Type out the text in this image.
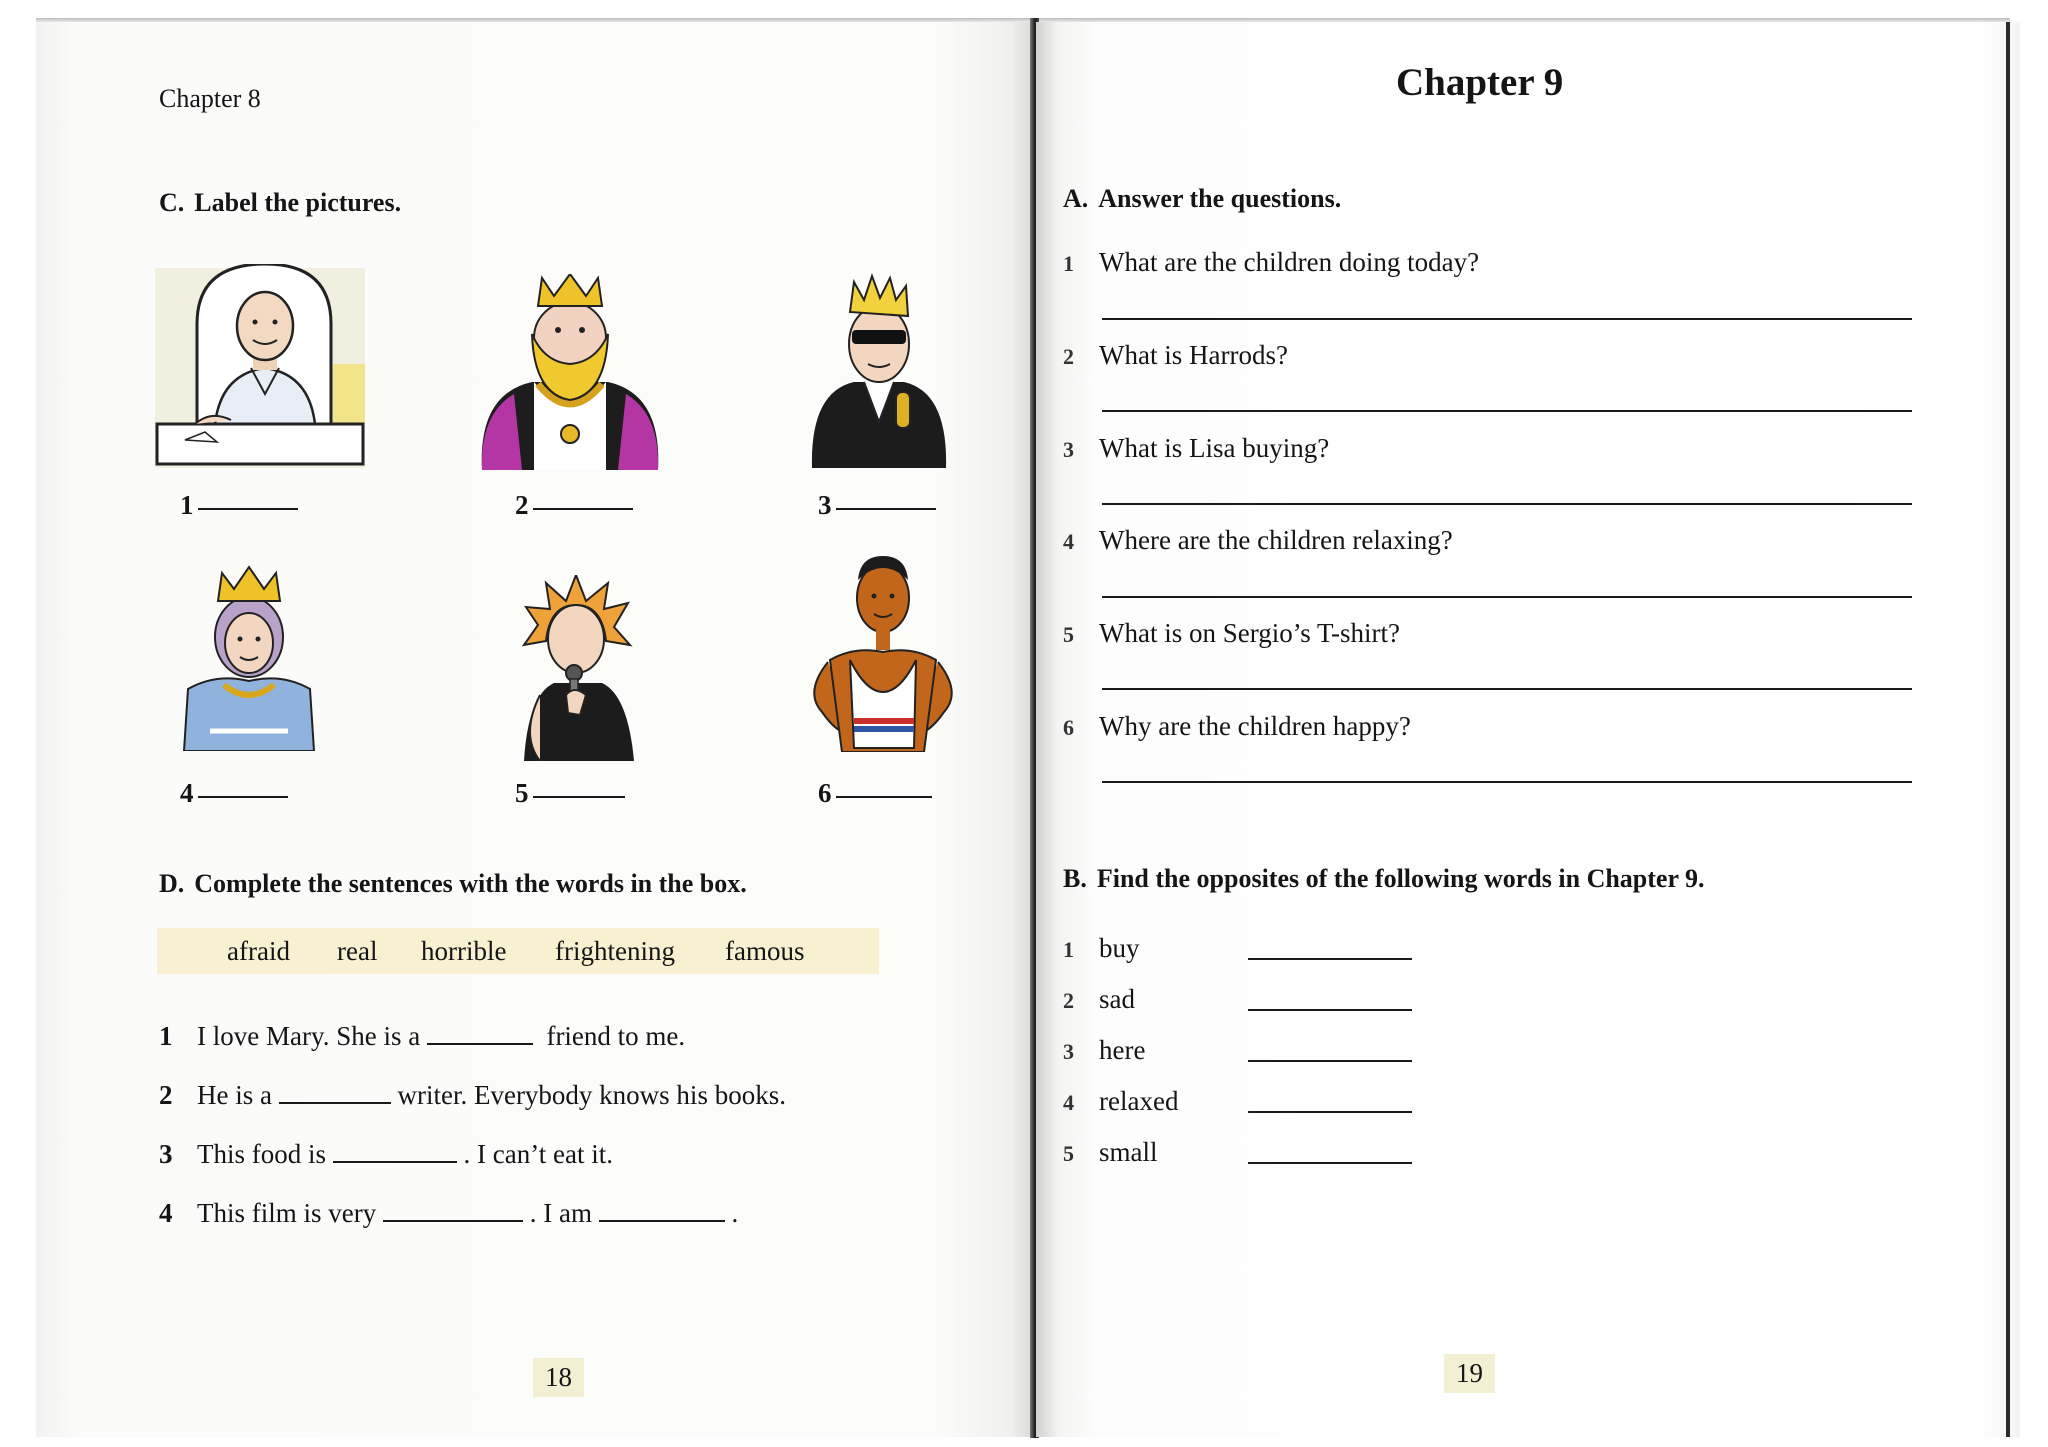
Chapter 8
C. Label the pictures.
1	2	3
4	5	6
D. Complete the sentences with the words in the box.
afraid real horrible frightening famous
1 I love Mary. She is a	friend to me.
2 He is a	writer. Everybody knows his books.
3 This food is	. I can’t eat it.
4 This film is very	. I am	.
18
Chapter 9
A. Answer the questions.
1 What are the children doing today?
2 What is Harrods?
3 What is Lisa buying?
4 Where are the children relaxing?
5 What is on Sergio’s T-shirt?
6 Why are the children happy?
B. Find the opposites of the following words in Chapter 9.
1 buy
2 sad
3 here
4 relaxed
5 small
19
